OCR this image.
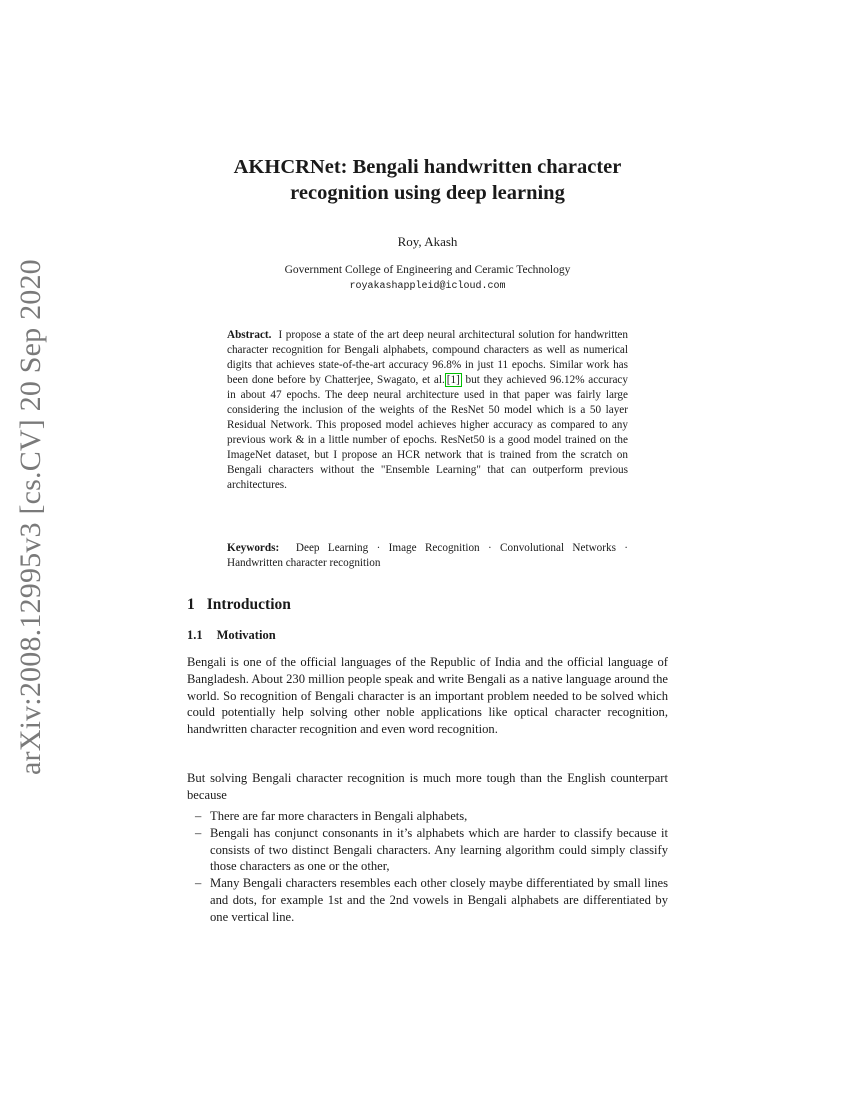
arXiv:2008.12995v3 [cs.CV] 20 Sep 2020
AKHCRNet: Bengali handwritten character
recognition using deep learning
Roy, Akash
Government College of Engineering and Ceramic Technology
royakashappleid@icloud.com
Abstract. I propose a state of the art deep neural architectural solution for handwritten character recognition for Bengali alphabets, compound characters as well as numerical digits that achieves state-of-the-art accuracy 96.8% in just 11 epochs. Similar work has been done before by Chatterjee, Swagato, et al. [1] but they achieved 96.12% accuracy in about 47 epochs. The deep neural architecture used in that paper was fairly large considering the inclusion of the weights of the ResNet 50 model which is a 50 layer Residual Network. This proposed model achieves higher accuracy as compared to any previous work & in a little number of epochs. ResNet50 is a good model trained on the ImageNet dataset, but I propose an HCR network that is trained from the scratch on Bengali characters without the "Ensemble Learning" that can outperform previous architectures.
Keywords: Deep Learning · Image Recognition · Convolutional Networks · Handwritten character recognition
1 Introduction
1.1 Motivation
Bengali is one of the official languages of the Republic of India and the official language of Bangladesh. About 230 million people speak and write Bengali as a native language around the world. So recognition of Bengali character is an important problem needed to be solved which could potentially help solving other noble applications like optical character recognition, handwritten character recognition and even word recognition.
But solving Bengali character recognition is much more tough than the English counterpart because
– There are far more characters in Bengali alphabets,
– Bengali has conjunct consonants in it’s alphabets which are harder to classify because it consists of two distinct Bengali characters. Any learning algorithm could simply classify those characters as one or the other,
– Many Bengali characters resembles each other closely maybe differentiated by small lines and dots, for example 1st and the 2nd vowels in Bengali alphabets are differentiated by one vertical line.
